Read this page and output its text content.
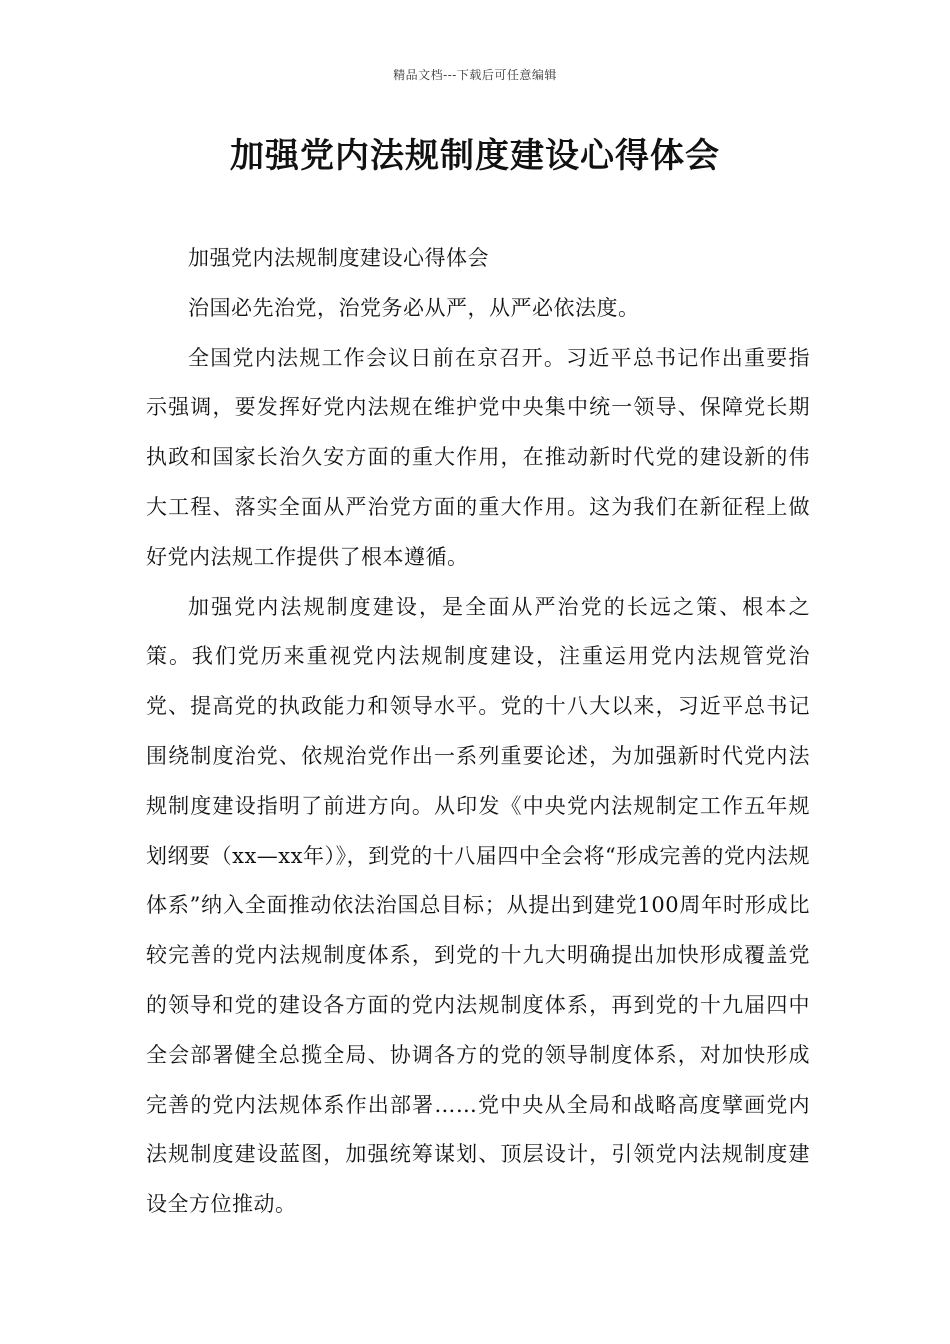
精品文档---下载后可任意编辑
加强党内法规制度建设心得体会

加强党内法规制度建设心得体会

治国必先治党，治党务必从严，从严必依法度。

全国党内法规工作会议日前在京召开。习近平总书记作出重要指示强调，要发挥好党内法规在维护党中央集中统一领导、保障党长期执政和国家长治久安方面的重大作用，在推动新时代党的建设新的伟大工程、落实全面从严治党方面的重大作用。这为我们在新征程上做好党内法规工作提供了根本遵循。

加强党内法规制度建设，是全面从严治党的长远之策、根本之策。我们党历来重视党内法规制度建设，注重运用党内法规管党治党、提高党的执政能力和领导水平。党的十八大以来，习近平总书记围绕制度治党、依规治党作出一系列重要论述，为加强新时代党内法规制度建设指明了前进方向。从印发《中央党内法规制定工作五年规划纲要（xx—xx年）》，到党的十八届四中全会将“形成完善的党内法规体系”纳入全面推动依法治国总目标；从提出到建党100周年时形成比较完善的党内法规制度体系，到党的十九大明确提出加快形成覆盖党的领导和党的建设各方面的党内法规制度体系，再到党的十九届四中全会部署健全总揽全局、协调各方的党的领导制度体系，对加快形成完善的党内法规体系作出部署……党中央从全局和战略高度擘画党内法规制度建设蓝图，加强统筹谋划、顶层设计，引领党内法规制度建设全方位推动。
